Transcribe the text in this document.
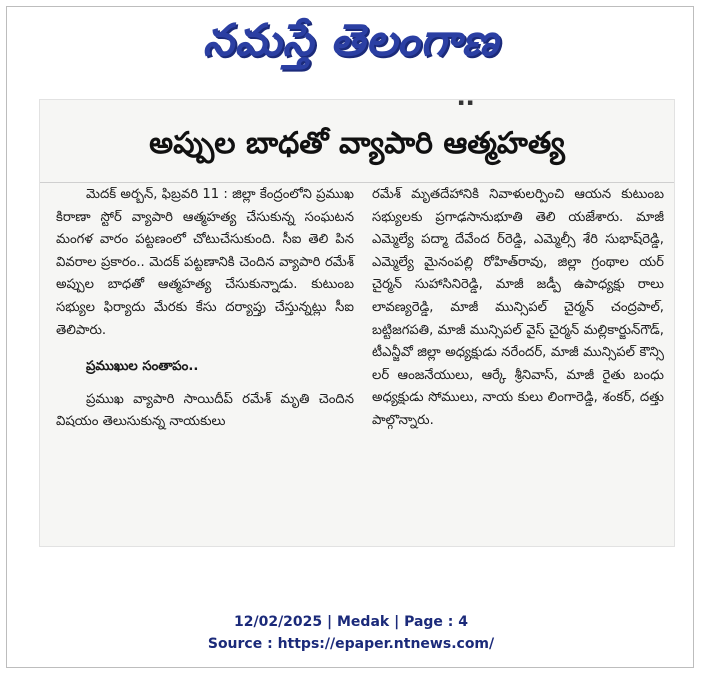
నమస్తే తెలంగాణ
▪ ▪
అప్పుల బాధతో వ్యాపారి ఆత్మహత్య

మెదక్ అర్బన్, ఫిబ్రవరి 11 : జిల్లా కేంద్రంలోని ప్రముఖ కిరాణా స్టోర్ వ్యాపారి ఆత్మహత్య చేసుకున్న సంఘటన మంగళ వారం పట్టణంలో చోటుచేసుకుంది. సీఐ తెలి పిన వివరాల ప్రకారం.. మెదక్ పట్టణానికి చెందిన వ్యాపారి రమేశ్ అప్పుల బాధతో ఆత్మహత్య చేసుకున్నాడు. కుటుంబ సభ్యుల ఫిర్యాదు మేరకు కేసు దర్యాప్తు చేస్తున్నట్లు సీఐ తెలిపారు.

ప్రముఖుల సంతాపం..

ప్రముఖ వ్యాపారి సాయిదీప్ రమేశ్ మృతి చెందిన విషయం తెలుసుకున్న నాయకులు

రమేశ్ మృతదేహానికి నివాళులర్పించి ఆయన కుటుంబ సభ్యులకు ప్రగాఢసానుభూతి తెలి యజేశారు. మాజీ ఎమ్మెల్యే పద్మా దేవేంద ర్‌రెడ్డి, ఎమ్మెల్సీ శేరి సుభాష్‌రెడ్డి, ఎమ్మెల్యే మైనంపల్లి రోహిత్‌రావు, జిల్లా గ్రంథాల యర్ చైర్మన్ సుహాసినిరెడ్డి, మాజీ జడ్పీ ఉపాధ్యక్షు రాలు లావణ్యరెడ్డి, మాజీ మున్సిపల్ చైర్మన్ చంద్రపాల్, బట్టిజగపతి, మాజీ మున్సిపల్ వైస్ చైర్మన్ మల్లికార్జున్‌గౌడ్, టీఎన్జీవో జిల్లా అధ్యక్షుడు నరేందర్, మాజీ మున్సిపల్ కౌన్సి లర్ ఆంజనేయులు, ఆర్కే శ్రీనివాస్, మాజీ రైతు బంధు అధ్యక్షుడు సోములు, నాయ కులు లింగారెడ్డి, శంకర్, దత్తు పాల్గొన్నారు.

12/02/2025 | Medak | Page : 4
Source : https://epaper.ntnews.com/
